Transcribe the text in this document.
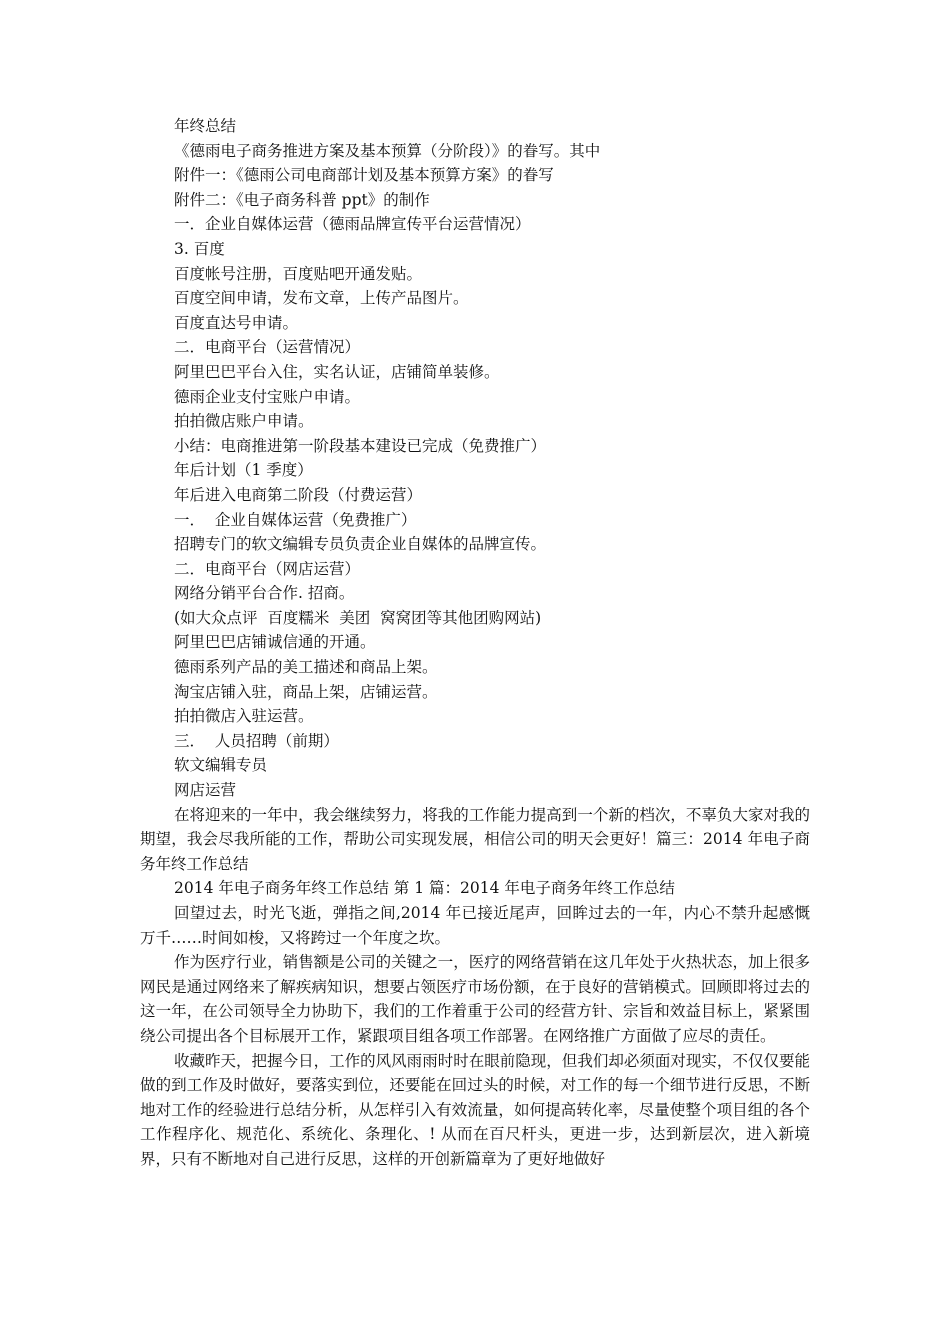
年终总结
《德雨电子商务推进方案及基本预算（分阶段）》的眷写。其中
附件一：《德雨公司电商部计划及基本预算方案》的眷写
附件二：《电子商务科普 ppt》的制作
一．企业自媒体运营（德雨品牌宣传平台运营情况）
3. 百度
百度帐号注册，百度贴吧开通发贴。
百度空间申请，发布文章，上传产品图片。
百度直达号申请。
二．电商平台（运营情况）
阿里巴巴平台入住，实名认证，店铺简单装修。
德雨企业支付宝账户申请。
拍拍微店账户申请。
小结：电商推进第一阶段基本建设已完成（免费推广）
年后计划（1 季度）
年后进入电商第二阶段（付费运营）
一．  企业自媒体运营（免费推广）
招聘专门的软文编辑专员负责企业自媒体的品牌宣传。
二．电商平台（网店运营）
网络分销平台合作. 招商。
(如大众点评  百度糯米  美团  窝窝团等其他团购网站)
阿里巴巴店铺诚信通的开通。
德雨系列产品的美工描述和商品上架。
淘宝店铺入驻，商品上架，店铺运营。
拍拍微店入驻运营。
三．  人员招聘（前期）
软文编辑专员
网店运营

在将迎来的一年中，我会继续努力，将我的工作能力提高到一个新的档次，不辜负大家对我的期望，我会尽我所能的工作，帮助公司实现发展，相信公司的明天会更好！篇三：2014 年电子商务年终工作总结

2014 年电子商务年终工作总结 第 1 篇：2014 年电子商务年终工作总结

回望过去，时光飞逝，弹指之间,2014 年已接近尾声，回眸过去的一年，内心不禁升起感慨万千……时间如梭，又将跨过一个年度之坎。

作为医疗行业，销售额是公司的关键之一，医疗的网络营销在这几年处于火热状态，加上很多网民是通过网络来了解疾病知识，想要占领医疗市场份额，在于良好的营销模式。回顾即将过去的这一年，在公司领导全力协助下，我们的工作着重于公司的经营方针、宗旨和效益目标上，紧紧围绕公司提出各个目标展开工作，紧跟项目组各项工作部署。在网络推广方面做了应尽的责任。

收藏昨天，把握今日，工作的风风雨雨时时在眼前隐现，但我们却必须面对现实，不仅仅要能做的到工作及时做好，要落实到位，还要能在回过头的时候，对工作的每一个细节进行反思，不断地对工作的经验进行总结分析，从怎样引入有效流量，如何提高转化率，尽量使整个项目组的各个工作程序化、规范化、系统化、条理化、! 从而在百尺杆头，更进一步，达到新层次，进入新境界，只有不断地对自己进行反思，这样的开创新篇章为了更好地做好
